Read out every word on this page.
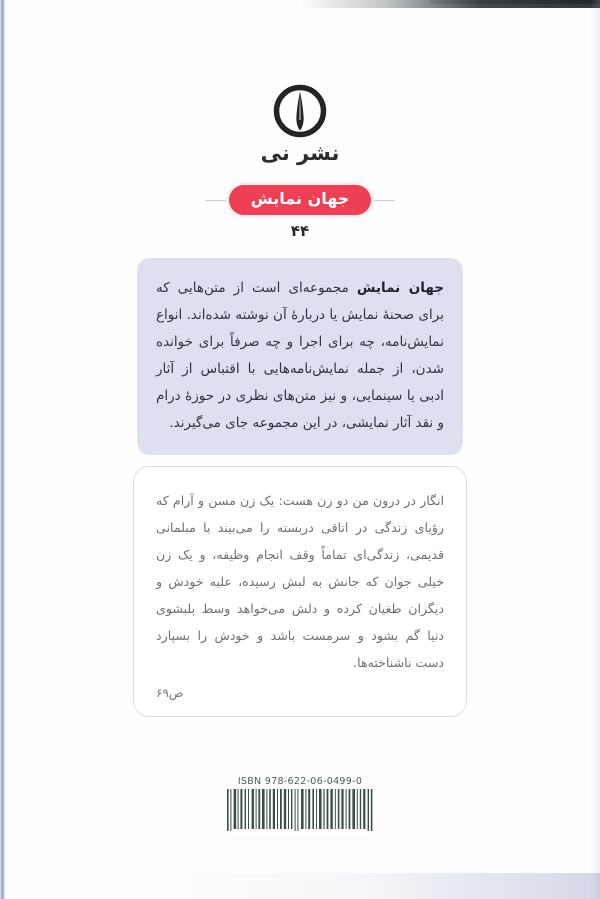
نشر نی
جهان نمایش
۴۴

جهان نمایش مجموعه‌ای است از متن‌هایی که برای صحنهٔ نمایش یا دربارهٔ آن نوشته شده‌اند. انواع نمایش‌نامه، چه برای اجرا و چه صرفاً برای خوانده شدن، از جمله نمایش‌نامه‌هایی با اقتباس از آثار ادبی یا سینمایی، و نیز متن‌های نظری در حوزهٔ درام و نقد آثار نمایشی، در این مجموعه جای می‌گیرند.

انگار در درون من دو زن هست: یک زن مسن و آرام که رؤیای زندگی در اتاقی دربسته را می‌بیند با مبلمانی قدیمی، زندگی‌ای تماماً وقف انجام وظیفه، و یک زن خیلی جوان که جانش به لبش رسیده، علیه خودش و دیگران طغیان کرده و دلش می‌خواهد وسط بلبشوی دنیا گم بشود و سرمست باشد و خودش را بسپارد دست ناشناخته‌ها.

ص۶۹
ISBN 978-622-06-0499-0
